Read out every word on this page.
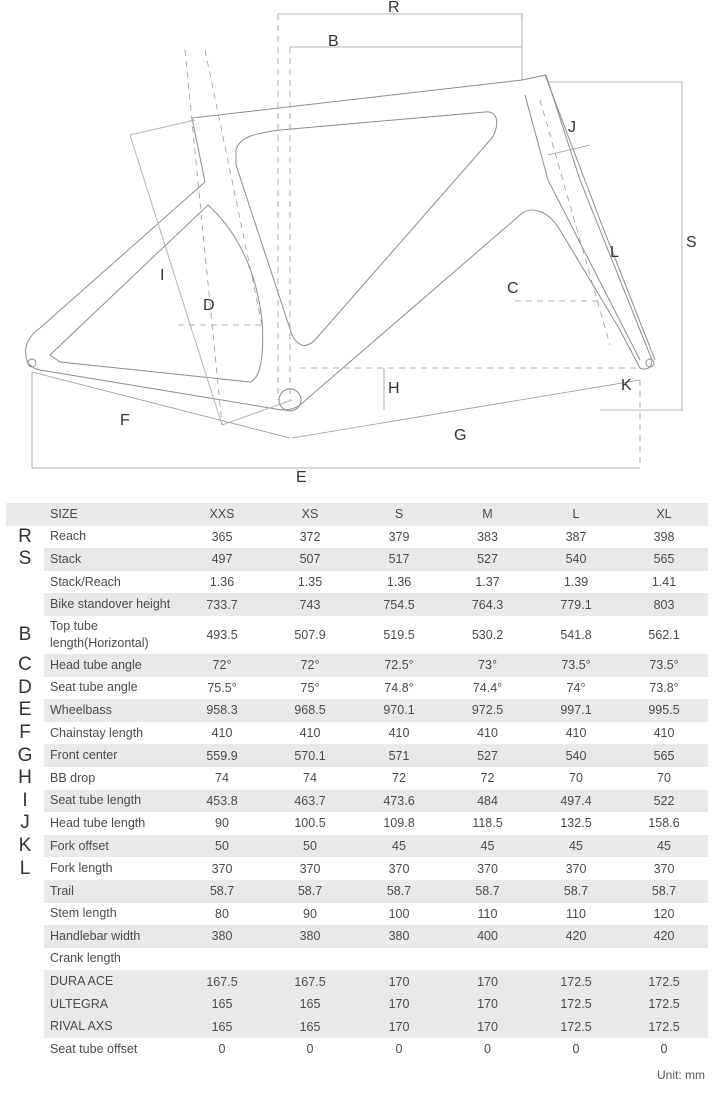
R
B
J
S
L
I
D
C
H	K
F
G
E
	SIZE	XXS	XS	S	M	L	XL
R	Reach	365	372	379	383	387	398
S	Stack	497	507	517	527	540	565
	Stack/Reach	1.36	1.35	1.36	1.37	1.39	1.41
	Bike standover height	733.7	743	754.5	764.3	779.1	803
B	Top tube length(Horizontal)	493.5	507.9	519.5	530.2	541.8	562.1
C	Head tube angle	72°	72°	72.5°	73°	73.5°	73.5°
D	Seat tube angle	75.5°	75°	74.8°	74.4°	74°	73.8°
E	Wheelbass	958.3	968.5	970.1	972.5	997.1	995.5
F	Chainstay length	410	410	410	410	410	410
G	Front center	559.9	570.1	571	527	540	565
H	BB drop	74	74	72	72	70	70
I	Seat tube length	453.8	463.7	473.6	484	497.4	522
J	Head tube length	90	100.5	109.8	118.5	132.5	158.6
K	Fork offset	50	50	45	45	45	45
L	Fork length	370	370	370	370	370	370
	Trail	58.7	58.7	58.7	58.7	58.7	58.7
	Stem length	80	90	100	110	110	120
	Handlebar width	380	380	380	400	420	420
	Crank length						
	DURA ACE	167.5	167.5	170	170	172.5	172.5
	ULTEGRA	165	165	170	170	172.5	172.5
	RIVAL AXS	165	165	170	170	172.5	172.5
	Seat tube offset	0	0	0	0	0	0
Unit: mm
